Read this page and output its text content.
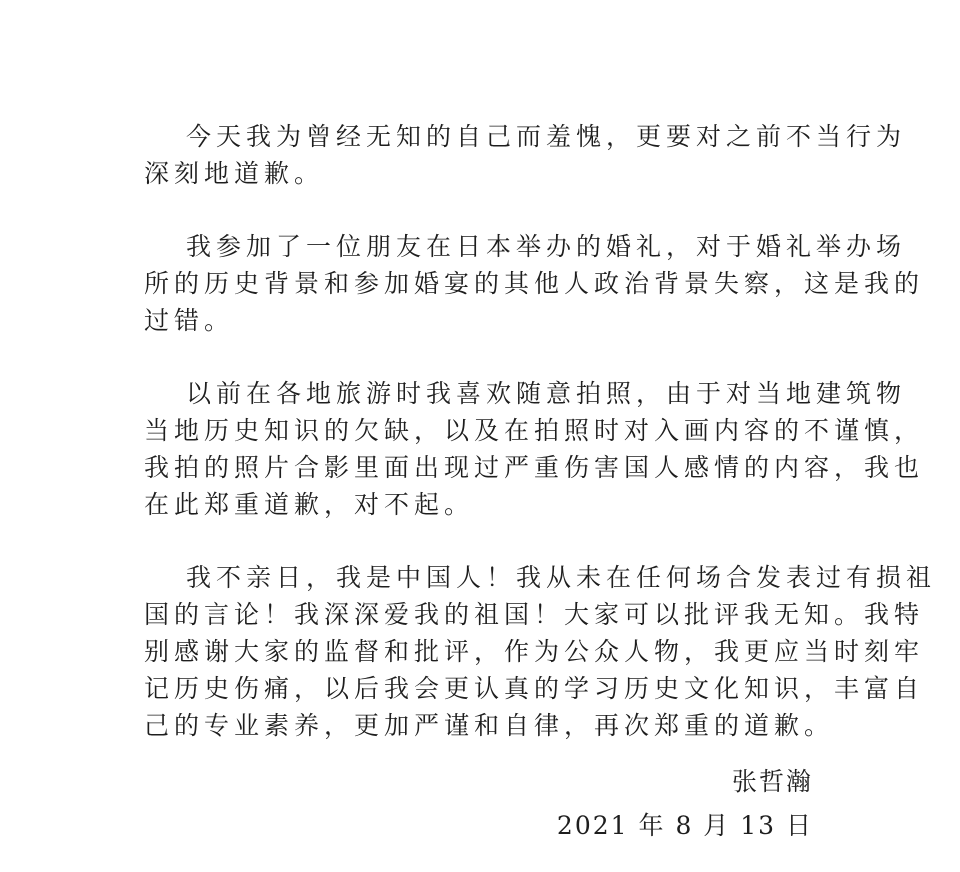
今天我为曾经无知的自己而羞愧，更要对之前不当行为
深刻地道歉。

我参加了一位朋友在日本举办的婚礼，对于婚礼举办场
所的历史背景和参加婚宴的其他人政治背景失察，这是我的
过错。

以前在各地旅游时我喜欢随意拍照，由于对当地建筑物
当地历史知识的欠缺，以及在拍照时对入画内容的不谨慎，
我拍的照片合影里面出现过严重伤害国人感情的内容，我也
在此郑重道歉，对不起。

我不亲日，我是中国人！我从未在任何场合发表过有损祖
国的言论！我深深爱我的祖国！大家可以批评我无知。我特
别感谢大家的监督和批评，作为公众人物，我更应当时刻牢
记历史伤痛，以后我会更认真的学习历史文化知识，丰富自
己的专业素养，更加严谨和自律，再次郑重的道歉。

张哲瀚
2021 年 8 月 13 日
